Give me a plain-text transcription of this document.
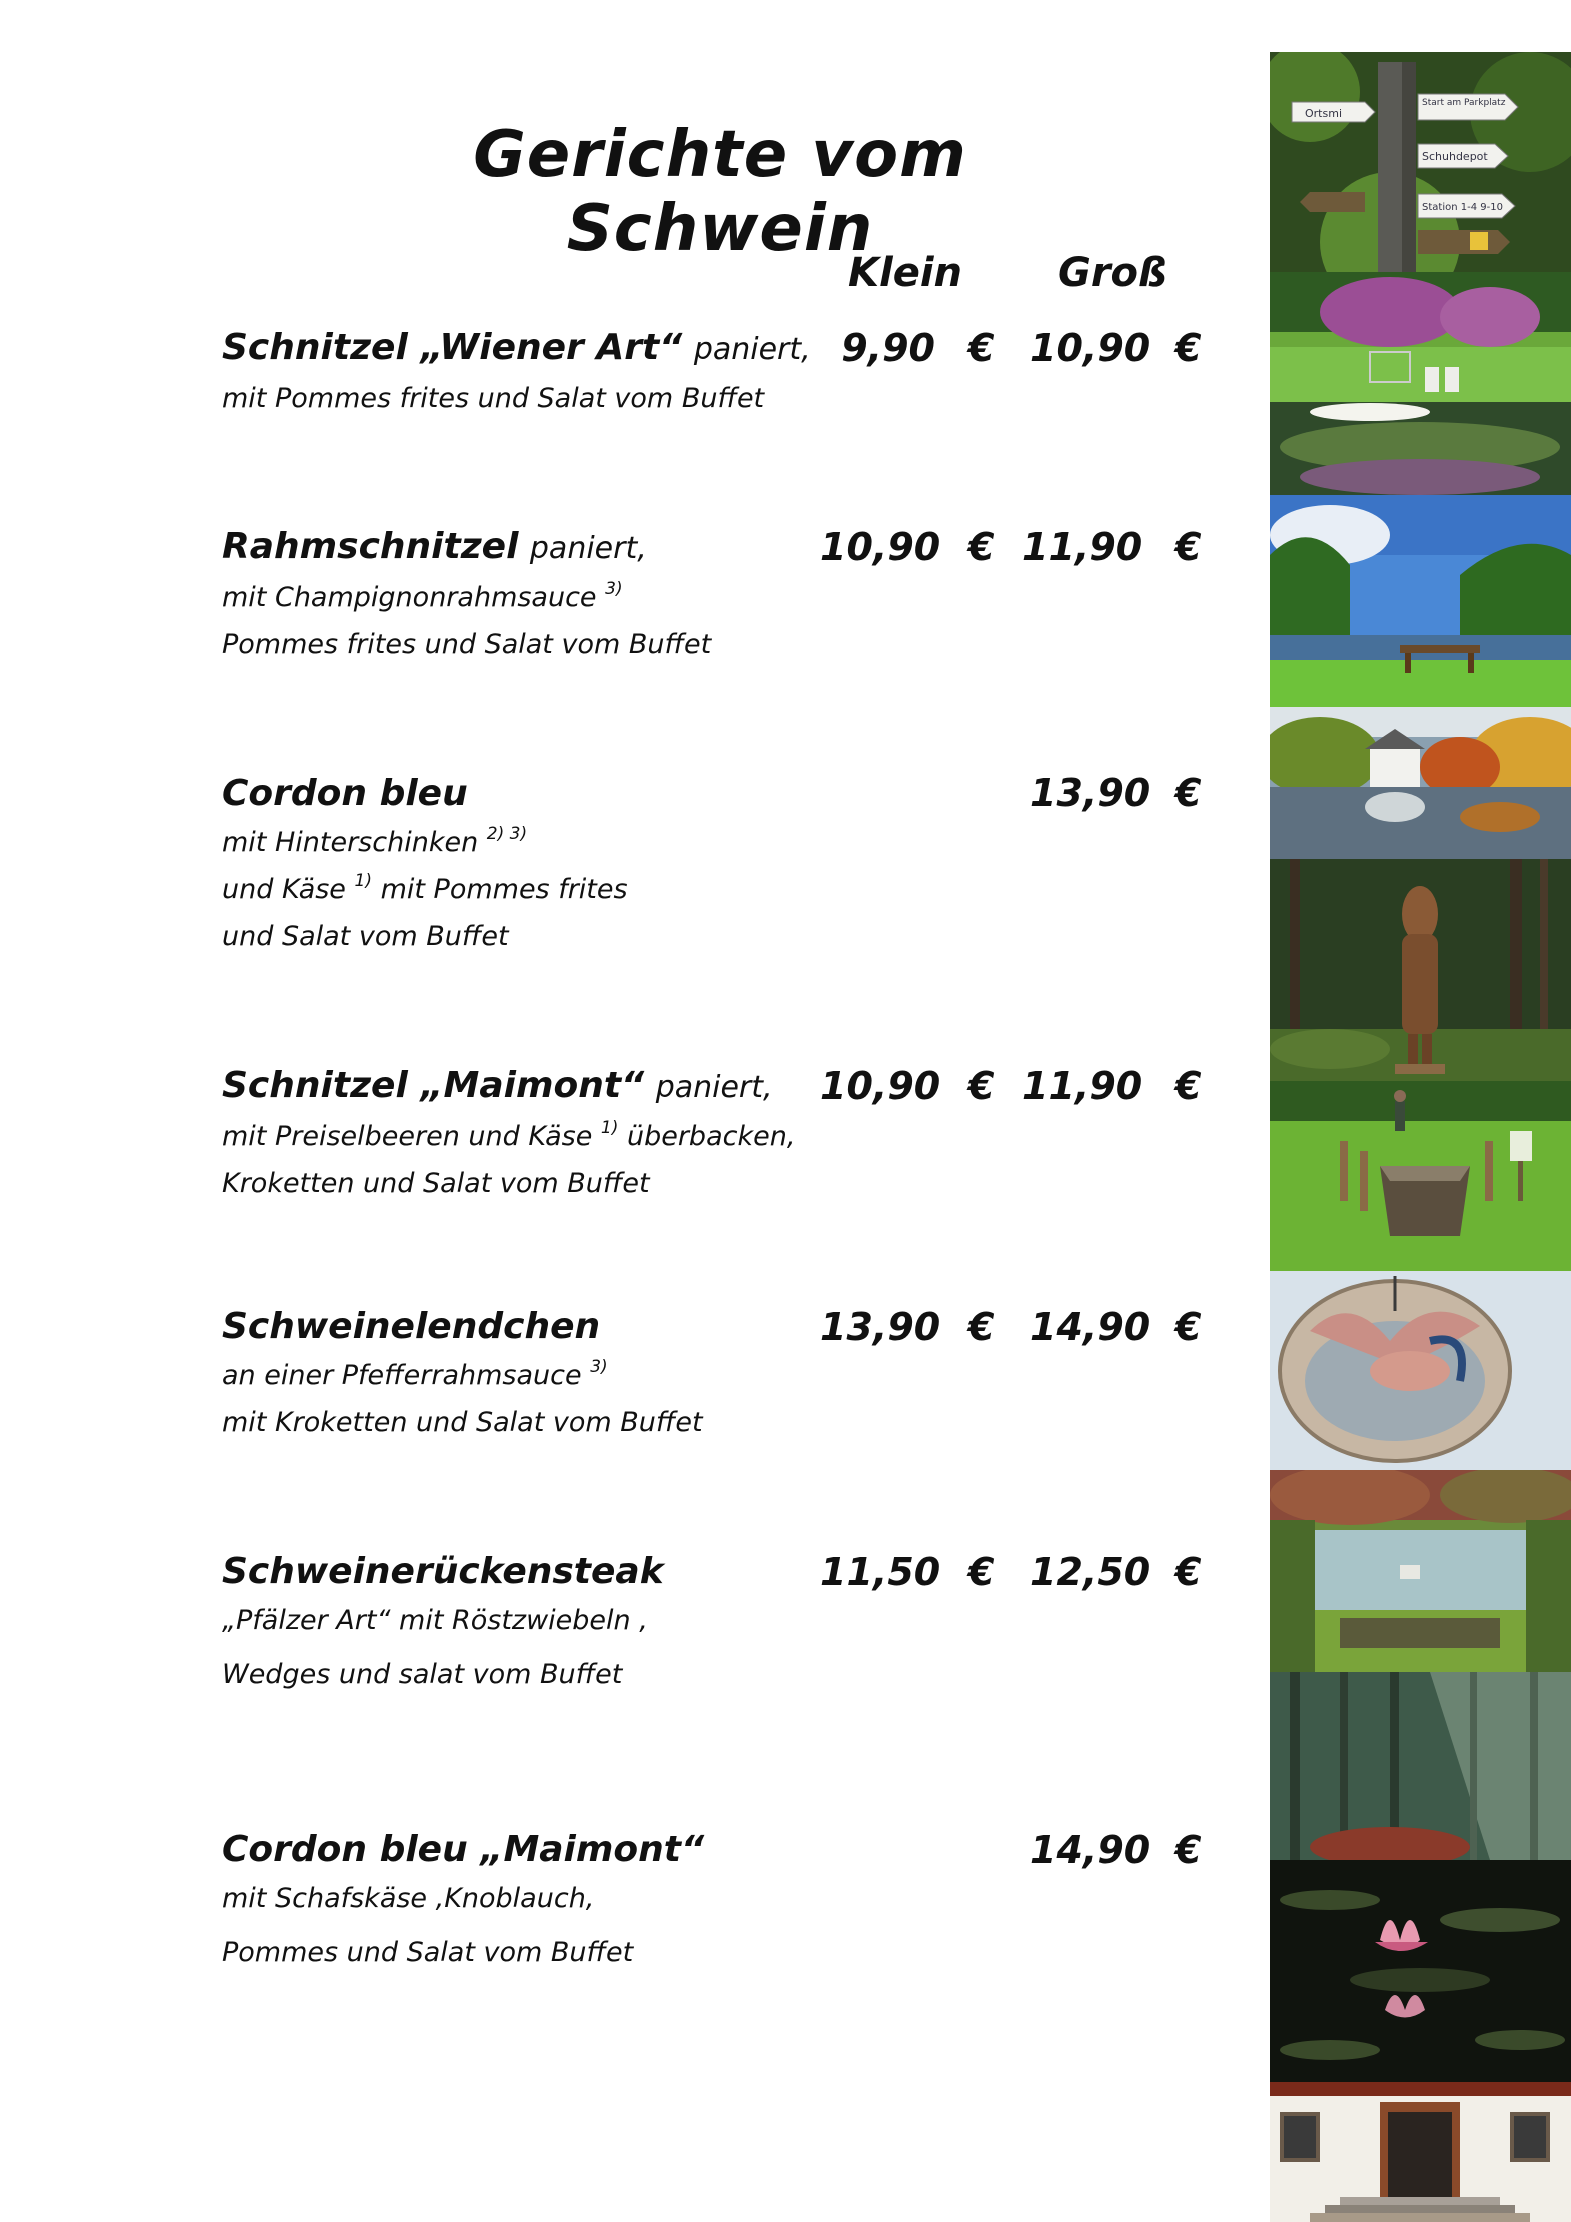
Gerichte vom Schwein
Klein Groß
Schnitzel „Wiener Art“ paniert,
mit Pommes frites und Salat vom Buffet
9,90 € 10,90 €
Rahmschnitzel paniert,
mit Champignonrahmsauce $^{3)}$
Pommes frites und Salat vom Buffet
10,90 € 11,90 €
Cordon bleu
mit Hinterschinken $^{2) 3)}$
und Käse $^{1)}$ mit Pommes frites
und Salat vom Buffet
13,90 €
Schnitzel „Maimont“ paniert,
mit Preiselbeeren und Käse $^{1)}$ überbacken,
Kroketten und Salat vom Buffet
10,90 € 11,90 €
Schweinelendchen
an einer Pfefferrahmsauce $^{3)}$
mit Kroketten und Salat vom Buffet
13,90 € 14,90 €
Schweinerückensteak
„Pfälzer Art“ mit Röstzwiebeln ,
Wedges und salat vom Buffet
11,50 € 12,50 €
Cordon bleu „Maimont“
mit Schafskäse ,Knoblauch,
Pommes und Salat vom Buffet
14,90 €
Ortsmi
Start am Parkplatz
Schuhdepot
Station 1-4 9-10
